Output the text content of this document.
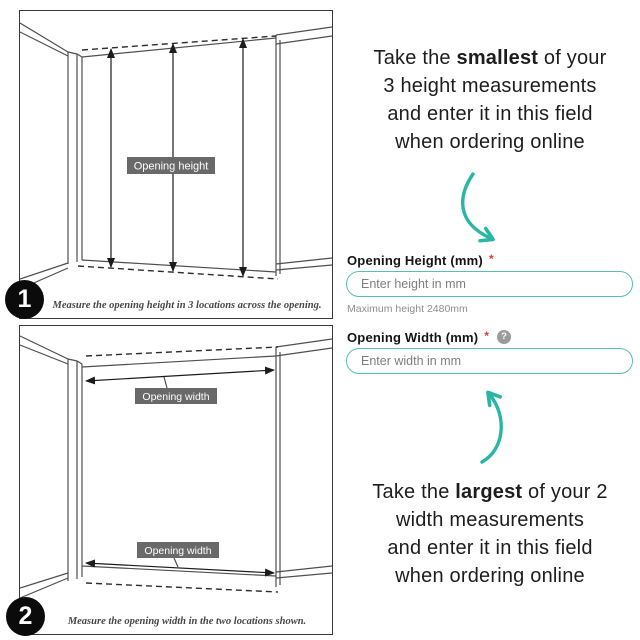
Opening height
Measure the opening height in 3 locations across the opening.
Opening width
Opening width
Measure the opening width in the two locations shown.
1
2
Take the smallest of your
3 height measurements
and enter it in this field
when ordering online
Opening Height (mm) *
Enter height in mm
Maximum height 2480mm
Opening Width (mm) *	?
Enter width in mm
Take the largest of your 2
width measurements
and enter it in this field
when ordering online
